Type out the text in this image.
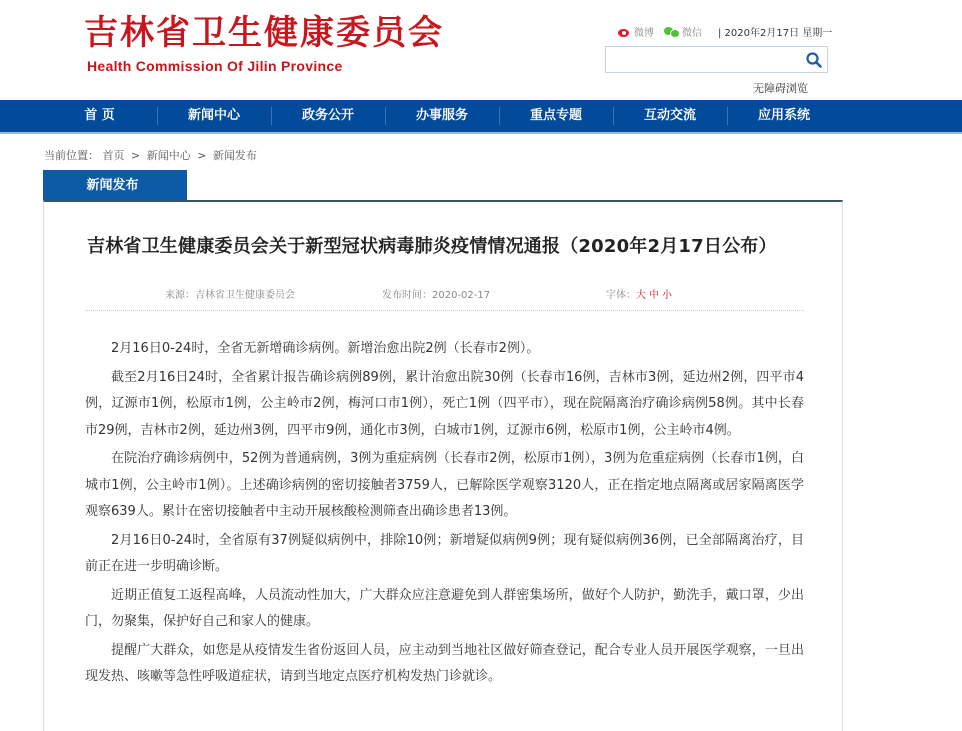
吉林省卫生健康委员会
Health Commission Of Jilin Province
微博	微信 | 2020年2月17日 星期一
无障碍浏览
首 页	新闻中心	政务公开	办事服务	重点专题	互动交流	应用系统
当前位置： 首页 > 新闻中心 > 新闻发布
新闻发布
吉林省卫生健康委员会关于新型冠状病毒肺炎疫情情况通报（2020年2月17日公布）
来源：吉林省卫生健康委员会	发布时间：2020-02-17	字体：大 中 小

2月16日0-24时，全省无新增确诊病例。新增治愈出院2例（长春市2例）。

截至2月16日24时，全省累计报告确诊病例89例，累计治愈出院30例（长春市16例，吉林市3例，延边州2例，四平市4例，辽源市1例，松原市1例，公主岭市2例，梅河口市1例），死亡1例（四平市），现在院隔离治疗确诊病例58例。其中长春市29例，吉林市2例，延边州3例，四平市9例，通化市3例，白城市1例，辽源市6例，松原市1例，公主岭市4例。

在院治疗确诊病例中，52例为普通病例，3例为重症病例（长春市2例，松原市1例），3例为危重症病例（长春市1例，白城市1例，公主岭市1例）。上述确诊病例的密切接触者3759人，已解除医学观察3120人，正在指定地点隔离或居家隔离医学观察639人。累计在密切接触者中主动开展核酸检测筛查出确诊患者13例。

2月16日0-24时，全省原有37例疑似病例中，排除10例；新增疑似病例9例；现有疑似病例36例，已全部隔离治疗，目前正在进一步明确诊断。

近期正值复工返程高峰，人员流动性加大，广大群众应注意避免到人群密集场所，做好个人防护，勤洗手，戴口罩，少出门，勿聚集，保护好自己和家人的健康。

提醒广大群众，如您是从疫情发生省份返回人员，应主动到当地社区做好筛查登记，配合专业人员开展医学观察，一旦出现发热、咳嗽等急性呼吸道症状，请到当地定点医疗机构发热门诊就诊。
